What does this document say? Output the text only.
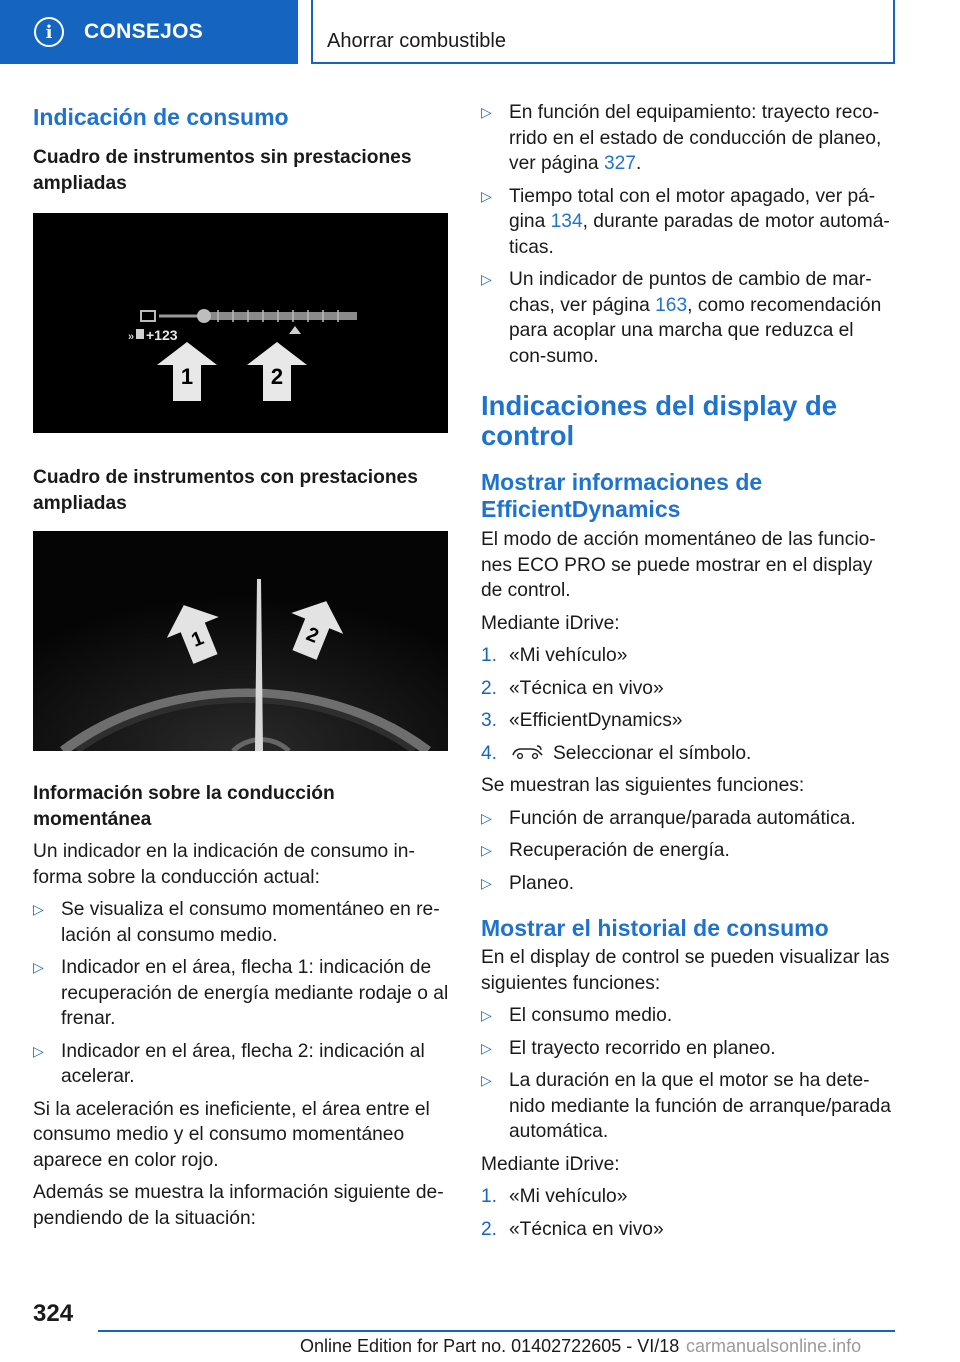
i	CONSEJOS	Ahorrar combustible

Indicación de consumo

Cuadro de instrumentos sin prestaciones ampliadas

» +123
1	2

Cuadro de instrumentos con prestaciones ampliadas

1	2

Información sobre la conducción momentánea

Un indicador en la indicación de consumo in-forma sobre la conducción actual:

▷ Se visualiza el consumo momentáneo en re-lación al consumo medio.

▷ Indicador en el área, flecha 1: indicación de recuperación de energía mediante rodaje o al frenar.

▷ Indicador en el área, flecha 2: indicación al acelerar.

Si la aceleración es ineficiente, el área entre el consumo medio y el consumo momentáneo aparece en color rojo.

Además se muestra la información siguiente de-pendiendo de la situación:

▷ En función del equipamiento: trayecto reco-rrido en el estado de conducción de planeo, ver página 327.

▷ Tiempo total con el motor apagado, ver pá-gina 134, durante paradas de motor automá-ticas.

▷ Un indicador de puntos de cambio de mar-chas, ver página 163, como recomendación para acoplar una marcha que reduzca el con-sumo.

Indicaciones del display de control

Mostrar informaciones de EfficientDynamics

El modo de acción momentáneo de las funcio-nes ECO PRO se puede mostrar en el display de control.

Mediante iDrive:

1. «Mi vehículo»

2. «Técnica en vivo»

3. «EfficientDynamics»

4.	Seleccionar el símbolo.

Se muestran las siguientes funciones:

▷ Función de arranque/parada automática.

▷ Recuperación de energía.

▷ Planeo.

Mostrar el historial de consumo

En el display de control se pueden visualizar las siguientes funciones:

▷ El consumo medio.

▷ El trayecto recorrido en planeo.

▷ La duración en la que el motor se ha dete-nido mediante la función de arranque/parada automática.

Mediante iDrive:

1. «Mi vehículo»

2. «Técnica en vivo»

324
Online Edition for Part no. 01402722605 - VI/18 carmanualsonline.info
